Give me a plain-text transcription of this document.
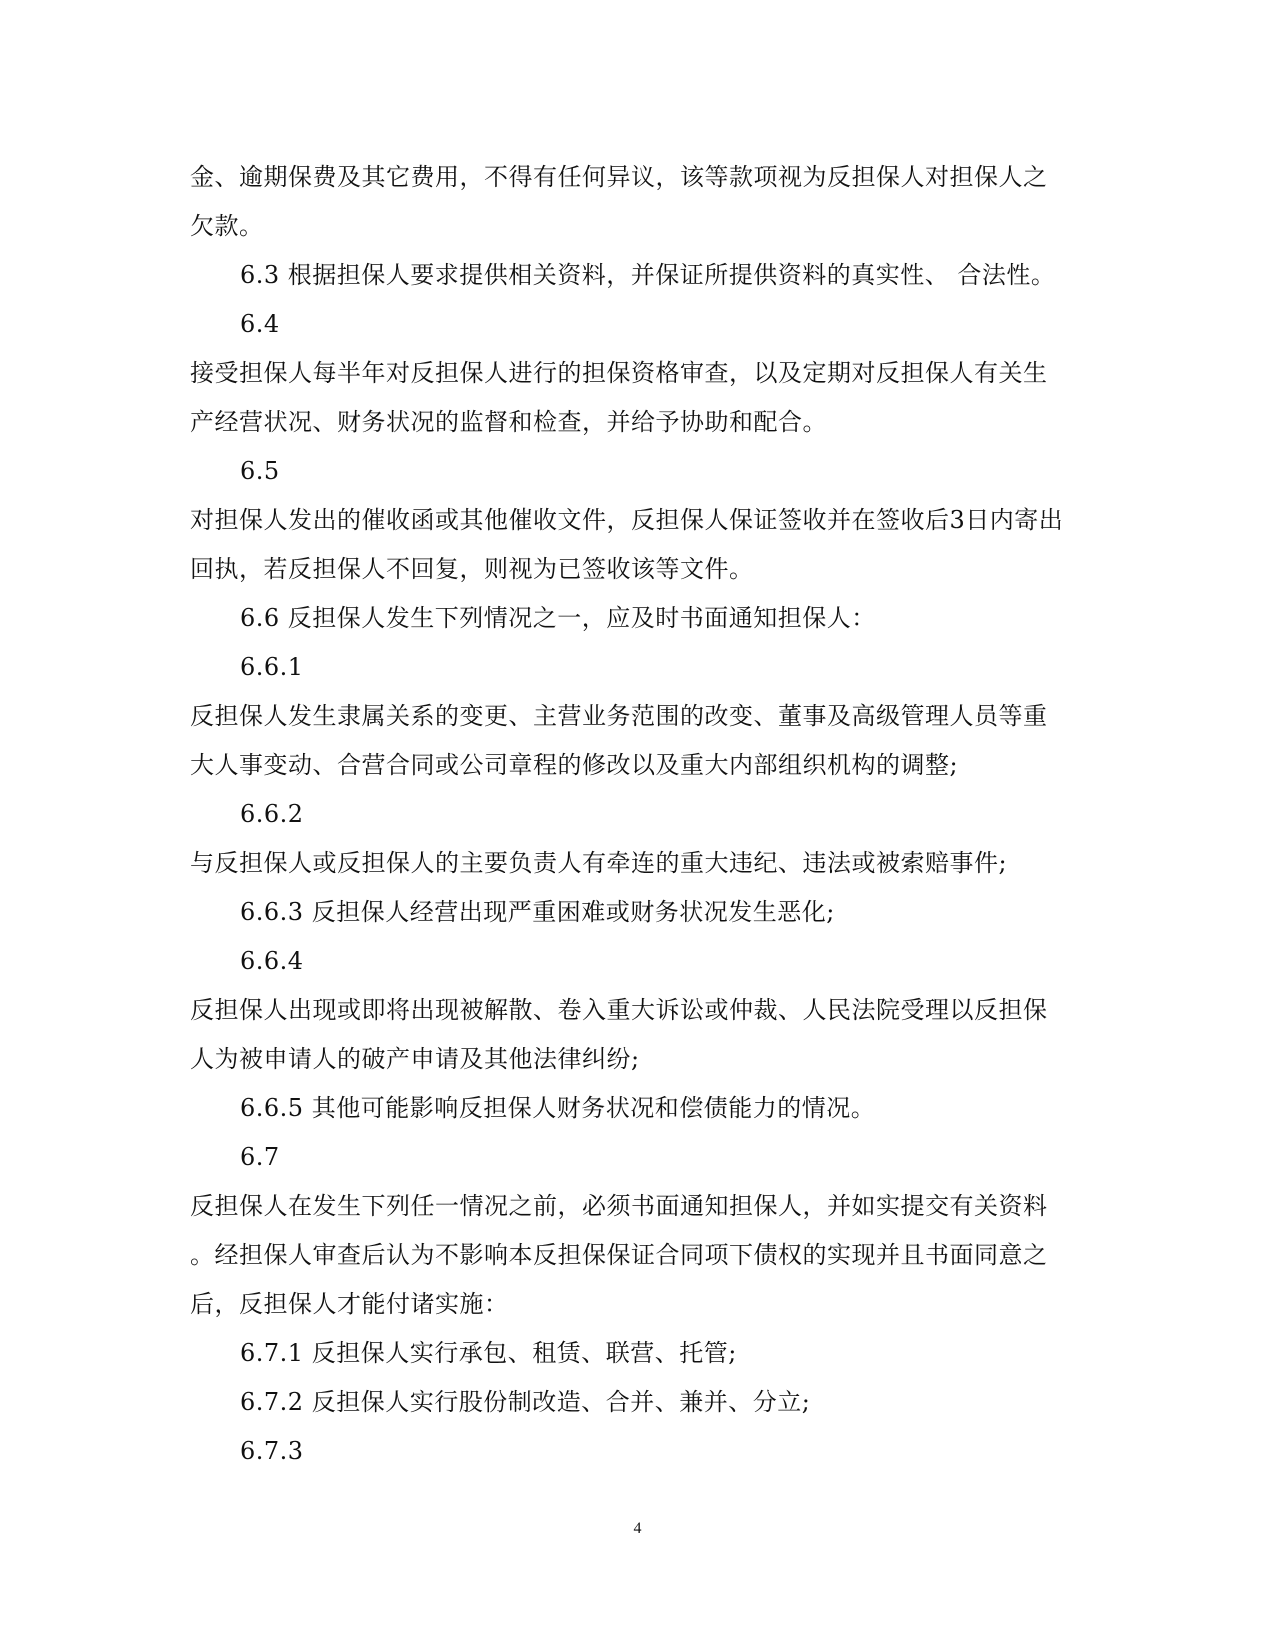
金、逾期保费及其它费用，不得有任何异议，该等款项视为反担保人对担保人之
欠款。
6.3 根据担保人要求提供相关资料，并保证所提供资料的真实性、 合法性。
6.4
接受担保人每半年对反担保人进行的担保资格审查，以及定期对反担保人有关生
产经营状况、财务状况的监督和检查，并给予协助和配合。
6.5
对担保人发出的催收函或其他催收文件，反担保人保证签收并在签收后3日内寄出
回执，若反担保人不回复，则视为已签收该等文件。
6.6 反担保人发生下列情况之一，应及时书面通知担保人：
6.6.1
反担保人发生隶属关系的变更、主营业务范围的改变、董事及高级管理人员等重
大人事变动、合营合同或公司章程的修改以及重大内部组织机构的调整;
6.6.2
与反担保人或反担保人的主要负责人有牵连的重大违纪、违法或被索赔事件;
6.6.3 反担保人经营出现严重困难或财务状况发生恶化;
6.6.4
反担保人出现或即将出现被解散、卷入重大诉讼或仲裁、人民法院受理以反担保
人为被申请人的破产申请及其他法律纠纷;
6.6.5 其他可能影响反担保人财务状况和偿债能力的情况。
6.7
反担保人在发生下列任一情况之前，必须书面通知担保人，并如实提交有关资料
。经担保人审查后认为不影响本反担保保证合同项下债权的实现并且书面同意之
后，反担保人才能付诸实施：
6.7.1 反担保人实行承包、租赁、联营、托管;
6.7.2 反担保人实行股份制改造、合并、兼并、分立;
6.7.3
4
